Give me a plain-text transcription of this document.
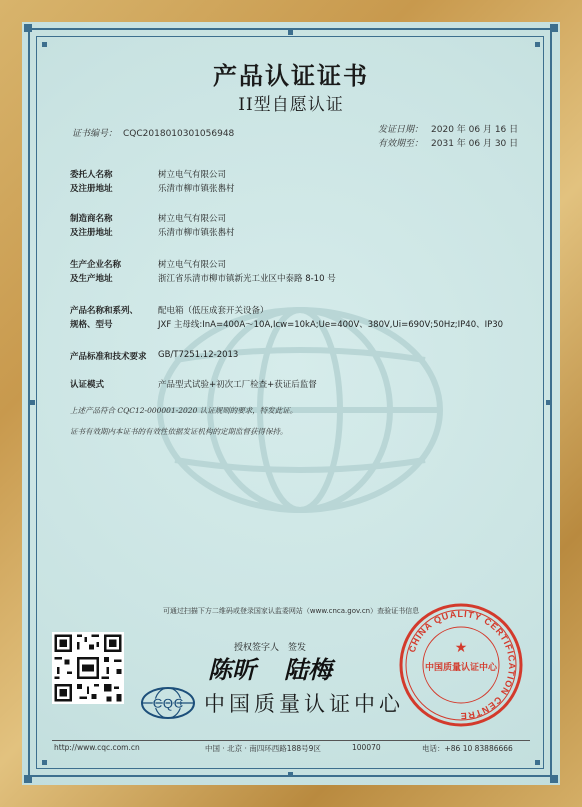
产品认证证书
II型自愿认证
证书编号： CQC2018010301056948	发证日期： 2020 年 06 月 16 日
有效期至： 2031 年 06 月 30 日
委托人名称	树立电气有限公司
及注册地址	乐清市柳市镇张嶴村
制造商名称	树立电气有限公司
及注册地址	乐清市柳市镇张嶴村
生产企业名称	树立电气有限公司
及生产地址	浙江省乐清市柳市镇新光工业区中泰路 8-10 号
产品名称和系列、 配电箱（低压成套开关设备）
规格、型号	JXF 主母线:InA=400A～10A,Icw=10kA;Ue=400V、380V,Ui=690V;50Hz;IP40、IP30
产品标准和技术要求 GB/T7251.12-2013
认证模式	产品型式试验+初次工厂检查+获证后监督
上述产品符合 CQC12-000001-2020 认证规则的要求，特发此证。
证书有效期内本证书的有效性依据发证机构的定期监督获得保持。
可通过扫描下方二维码或登录国家认监委网站（www.cnca.gov.cn）查验证书信息
授权签字人 签发
陈昕 陆梅
CQC 中国质量认证中心
CHINA QUALITY CERTIFICATION CENTRE
中国质量认证中心
★
http://www.cqc.com.cn	中国 · 北京 · 南四环西路188号9区	100070	电话：+86 10 83886666
